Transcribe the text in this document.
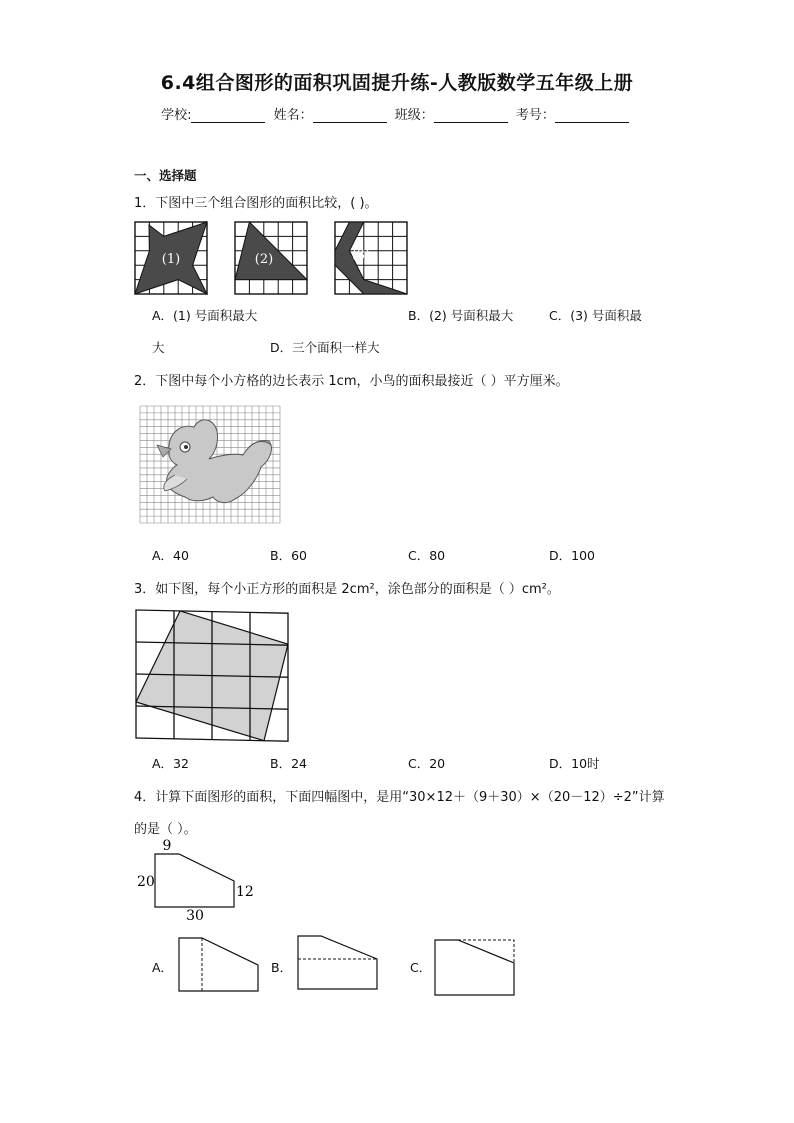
6.4组合图形的面积巩固提升练-人教版数学五年级上册
学校:	姓名：	班级：	考号：
一、选择题
1．下图中三个组合图形的面积比较，( )。
(1)	(2)	(3)
A．(1) 号面积最大	B．(2) 号面积最大	C．(3) 号面积最
大	D．三个面积一样大
2．下图中每个小方格的边长表示 1cm，小鸟的面积最接近（ ）平方厘米。
A．40	B．60	C．80	D．100
3．如下图，每个小正方形的面积是 2cm²，涂色部分的面积是（ ）cm²。
A．32	B．24	C．20	D．10时
4．计算下面图形的面积，下面四幅图中，是用“30×12＋（9＋30）×（20－12）÷2”计算
的是（ ）。
9
20
12
30
A．	B．	C．
